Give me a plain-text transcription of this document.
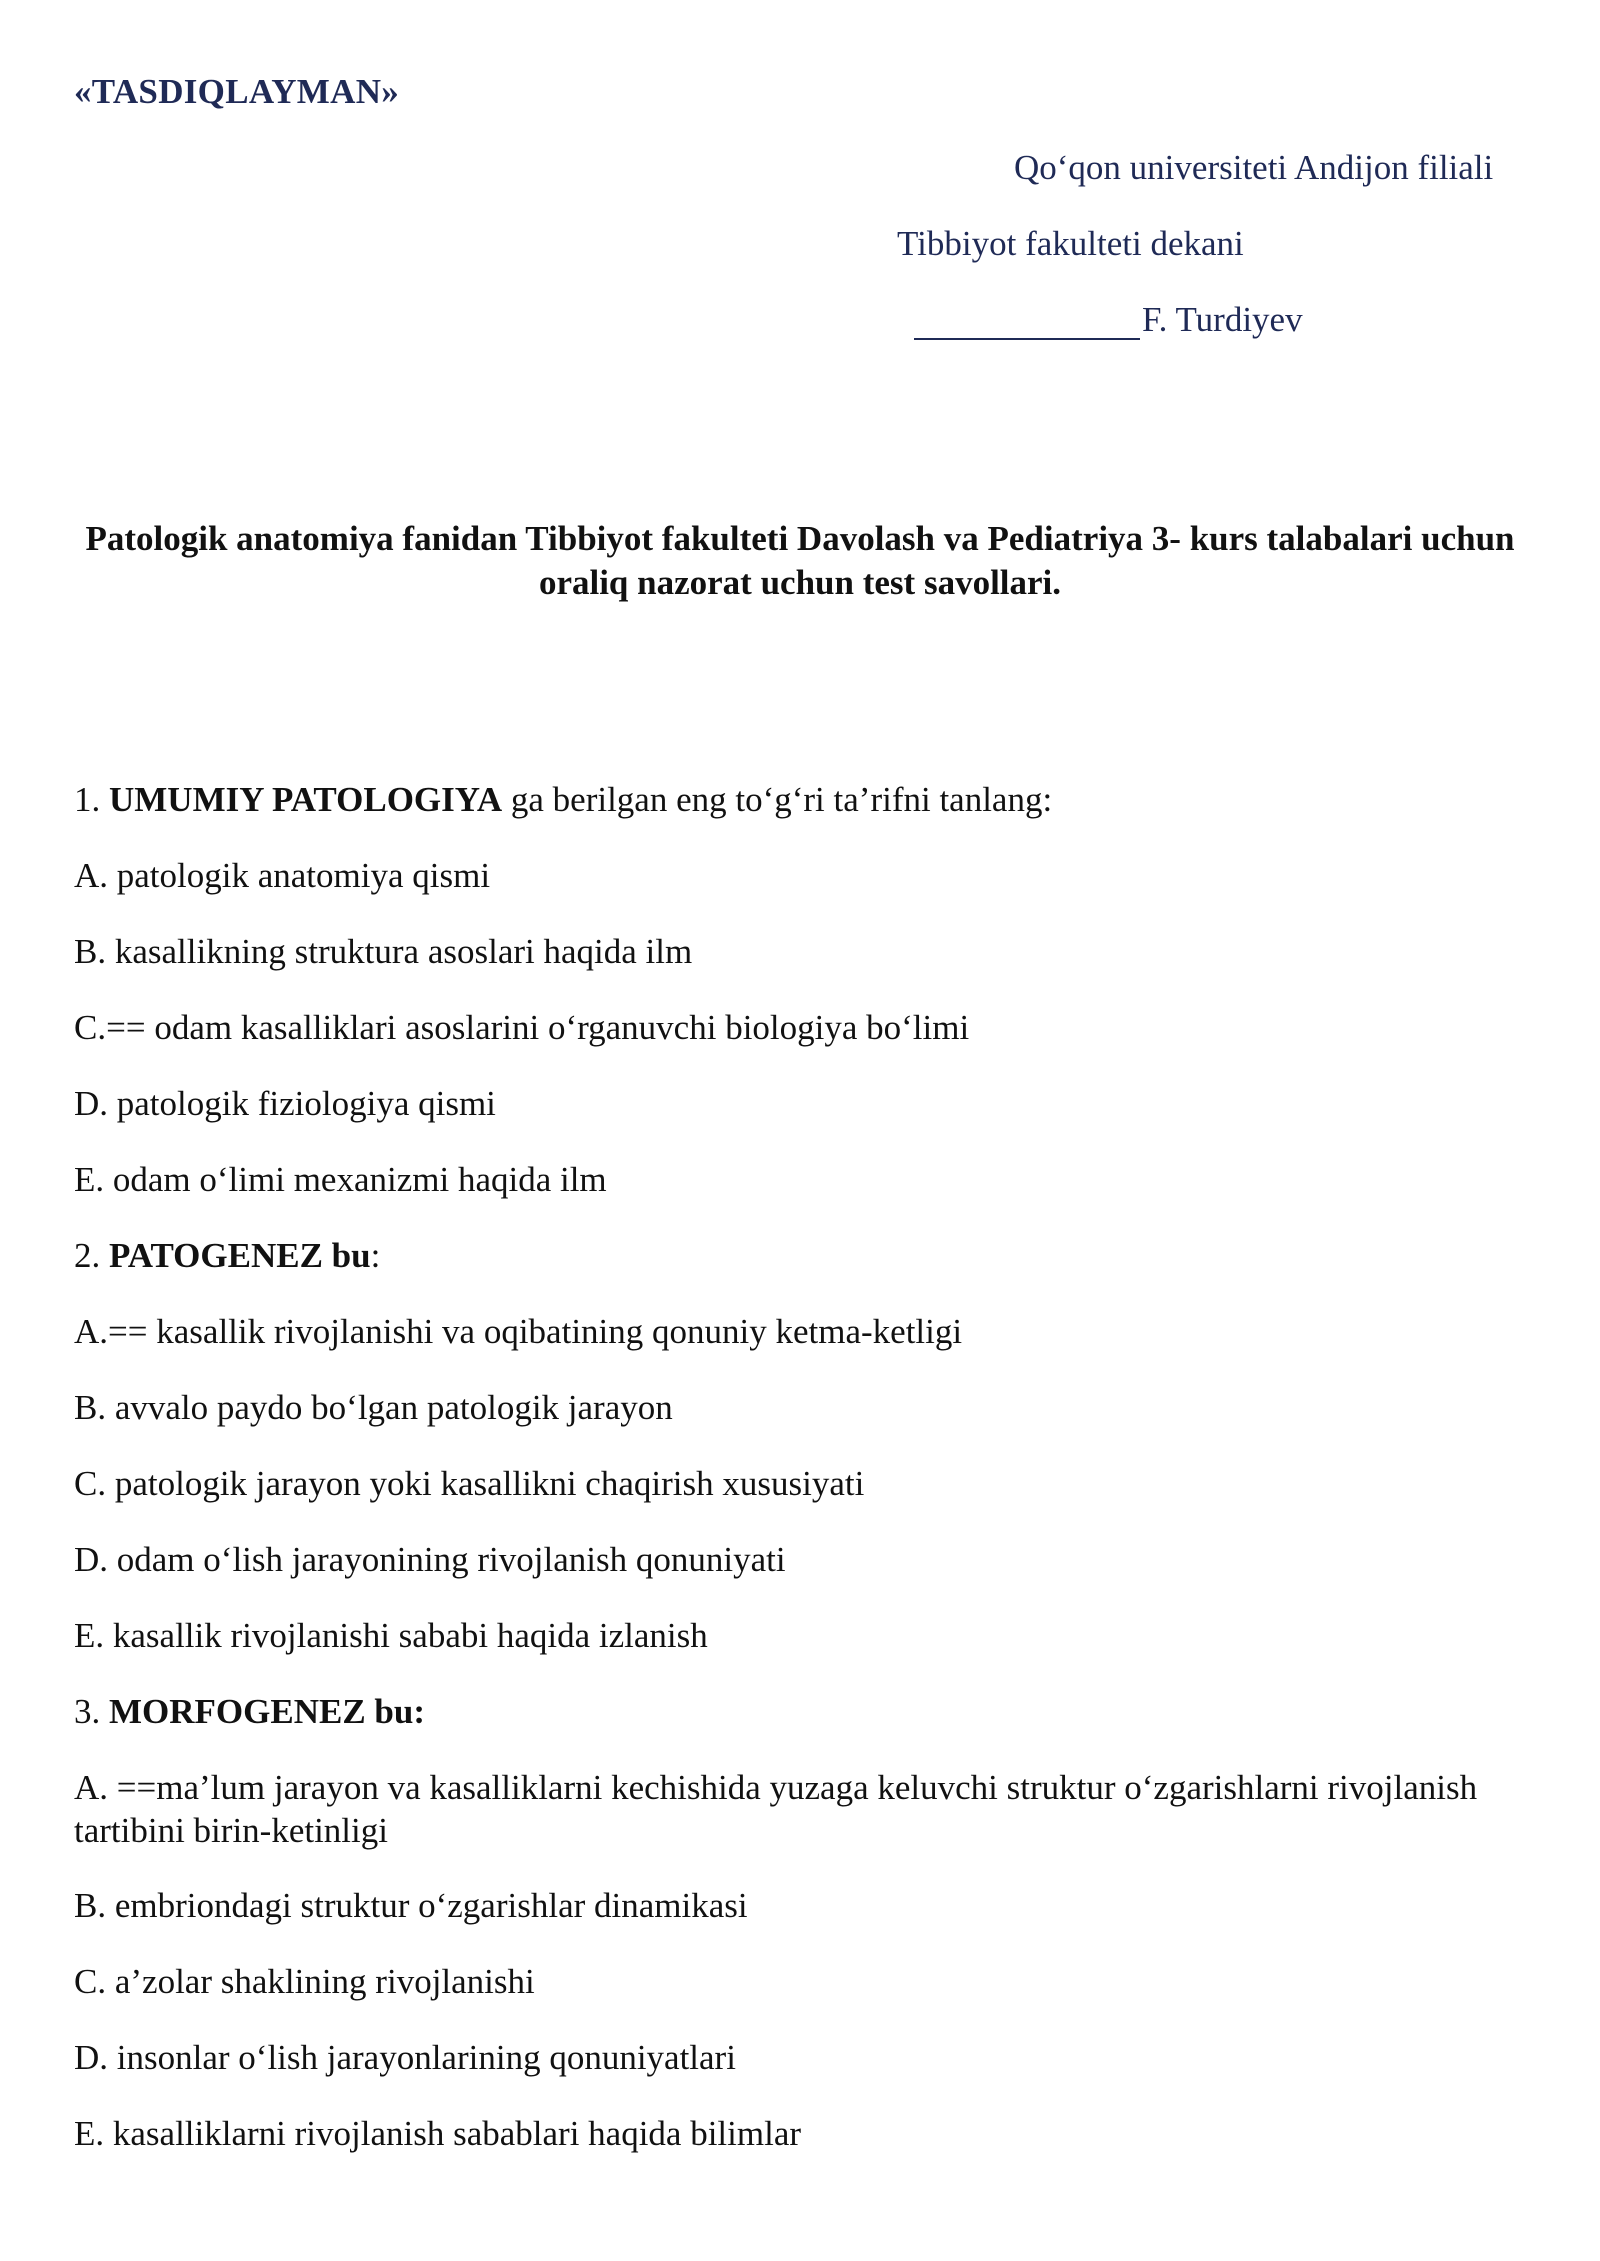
«TASDIQLAYMAN»
Qo‘qon universiteti Andijon filiali
Tibbiyot fakulteti dekani
F. Turdiyev
Patologik anatomiya fanidan Tibbiyot fakulteti Davolash va Pediatriya 3- kurs talabalari uchun oraliq nazorat uchun test savollari.

1. UMUMIY PATOLOGIYA ga berilgan eng to‘g‘ri ta’rifni tanlang:

A. patologik anatomiya qismi

B. kasallikning struktura asoslari haqida ilm

C.== odam kasalliklari asoslarini o‘rganuvchi biologiya bo‘limi

D. patologik fiziologiya qismi

E. odam o‘limi mexanizmi haqida ilm

2. PATOGENEZ bu:

A.== kasallik rivojlanishi va oqibatining qonuniy ketma-ketligi

B. avvalo paydo bo‘lgan patologik jarayon

C. patologik jarayon yoki kasallikni chaqirish xususiyati

D. odam o‘lish jarayonining rivojlanish qonuniyati

E. kasallik rivojlanishi sababi haqida izlanish

3. MORFOGENEZ bu:

A. ==ma’lum jarayon va kasalliklarni kechishida yuzaga keluvchi struktur o‘zgarishlarni rivojlanish tartibini birin-ketinligi

B. embriondagi struktur o‘zgarishlar dinamikasi

C. a’zolar shaklining rivojlanishi

D. insonlar o‘lish jarayonlarining qonuniyatlari

E. kasalliklarni rivojlanish sabablari haqida bilimlar
